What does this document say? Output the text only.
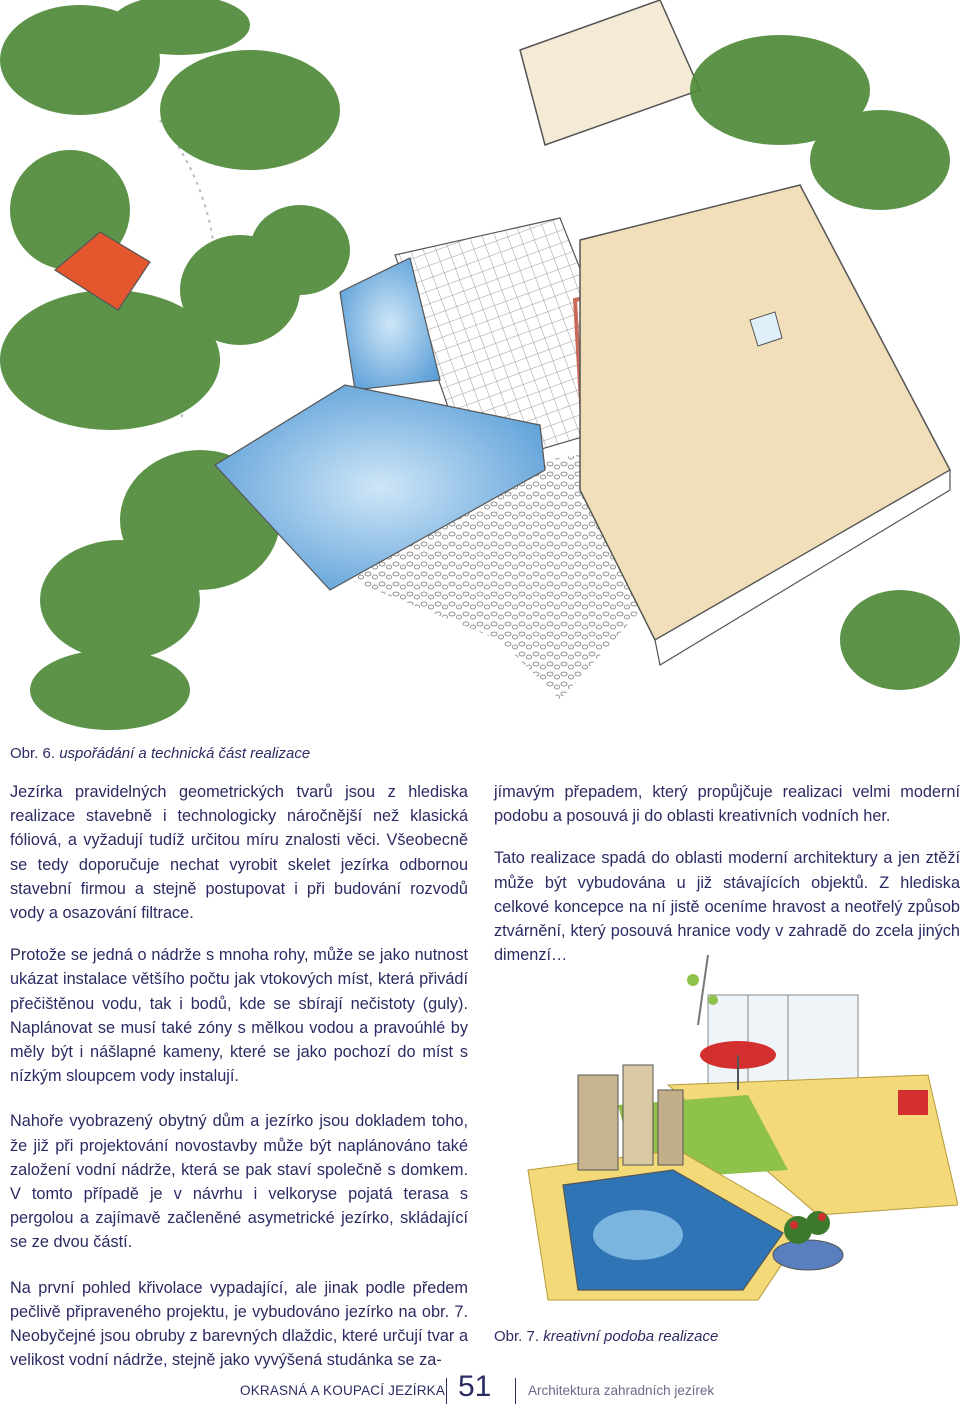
Obr. 6. uspořádání a technická část realizace

Jezírka pravidelných geometrických tvarů jsou z hlediska realizace stavebně i technologicky náročnější než klasická fóliová, a vyžadují tudíž určitou míru znalosti věci. Všeobecně se tedy doporučuje nechat vyrobit skelet jezírka odbornou stavební firmou a stejně postupovat i při budování rozvodů vody a osazování filtrace.

Protože se jedná o nádrže s mnoha rohy, může se jako nutnost ukázat instalace většího počtu jak vtokových míst, která přivádí přečištěnou vodu, tak i bodů, kde se sbírají nečistoty (guly). Naplánovat se musí také zóny s mělkou vodou a pravoúhlé by měly být i nášlapné kameny, které se jako pochozí do míst s nízkým sloupcem vody instalují.

Nahoře vyobrazený obytný dům a jezírko jsou dokladem toho, že již při projektování novostavby může být naplánováno také založení vodní nádrže, která se pak staví společně s domkem. V tomto případě je v návrhu i velkoryse pojatá terasa s pergolou a zajímavě začleněné asymetrické jezírko, skládající se ze dvou částí.

Na první pohled křivolace vypadající, ale jinak podle předem pečlivě připraveného projektu, je vybudováno jezírko na obr. 7. Neobyčejné jsou obruby z barevných dlaždic, které určují tvar a velikost vodní nádrže, stejně jako vyvýšená studánka se za-

jímavým přepadem, který propůjčuje realizaci velmi moderní podobu a posouvá ji do oblasti kreativních vodních her.

Tato realizace spadá do oblasti moderní architektury a jen ztěží může být vybudována u již stávajících objektů. Z hlediska celkové koncepce na ní jistě oceníme hravost a neotřelý způsob ztvárnění, který posouvá hranice vody v zahradě do zcela jiných dimenzí…

Obr. 7. kreativní podoba realizace
OKRASNÁ A KOUPACÍ JEZÍRKA 51	Architektura zahradních jezírek
